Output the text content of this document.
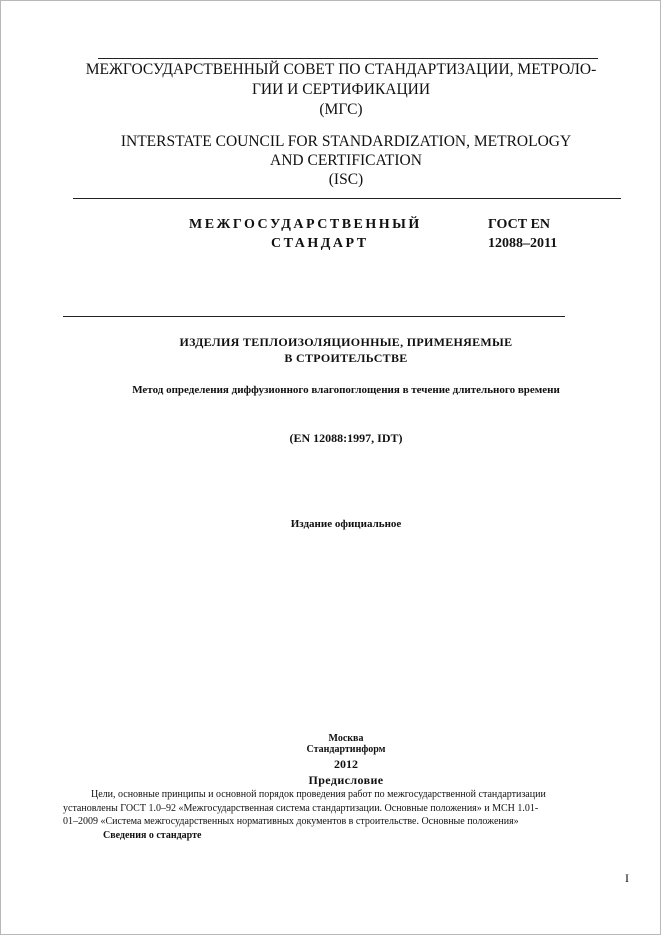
МЕЖГОСУДАРСТВЕННЫЙ СОВЕТ ПО СТАНДАРТИЗАЦИИ, МЕТРОЛО-
ГИИ И СЕРТИФИКАЦИИ
(МГС)
INTERSTATE COUNCIL FOR STANDARDIZATION, METROLOGY
AND CERTIFICATION
(ISC)
МЕЖГОСУДАРСТВЕННЫЙ
СТАНДАРТ
ГОСТ EN
12088–2011
ИЗДЕЛИЯ ТЕПЛОИЗОЛЯЦИОННЫЕ, ПРИМЕНЯЕМЫЕ
В СТРОИТЕЛЬСТВЕ
Метод определения диффузионного влагопоглощения в течение длительного времени
(EN 12088:1997, IDT)
Издание официальное
Москва
Стандартинформ
2012
Предисловие
Цели, основные принципы и основной порядок проведения работ по межгосударственной стандартизации
установлены ГОСТ 1.0–92 «Межгосударственная система стандартизации. Основные положения» и МСН 1.01-
01–2009 «Система межгосударственных нормативных документов в строительстве. Основные положения»
Сведения о стандарте
I
